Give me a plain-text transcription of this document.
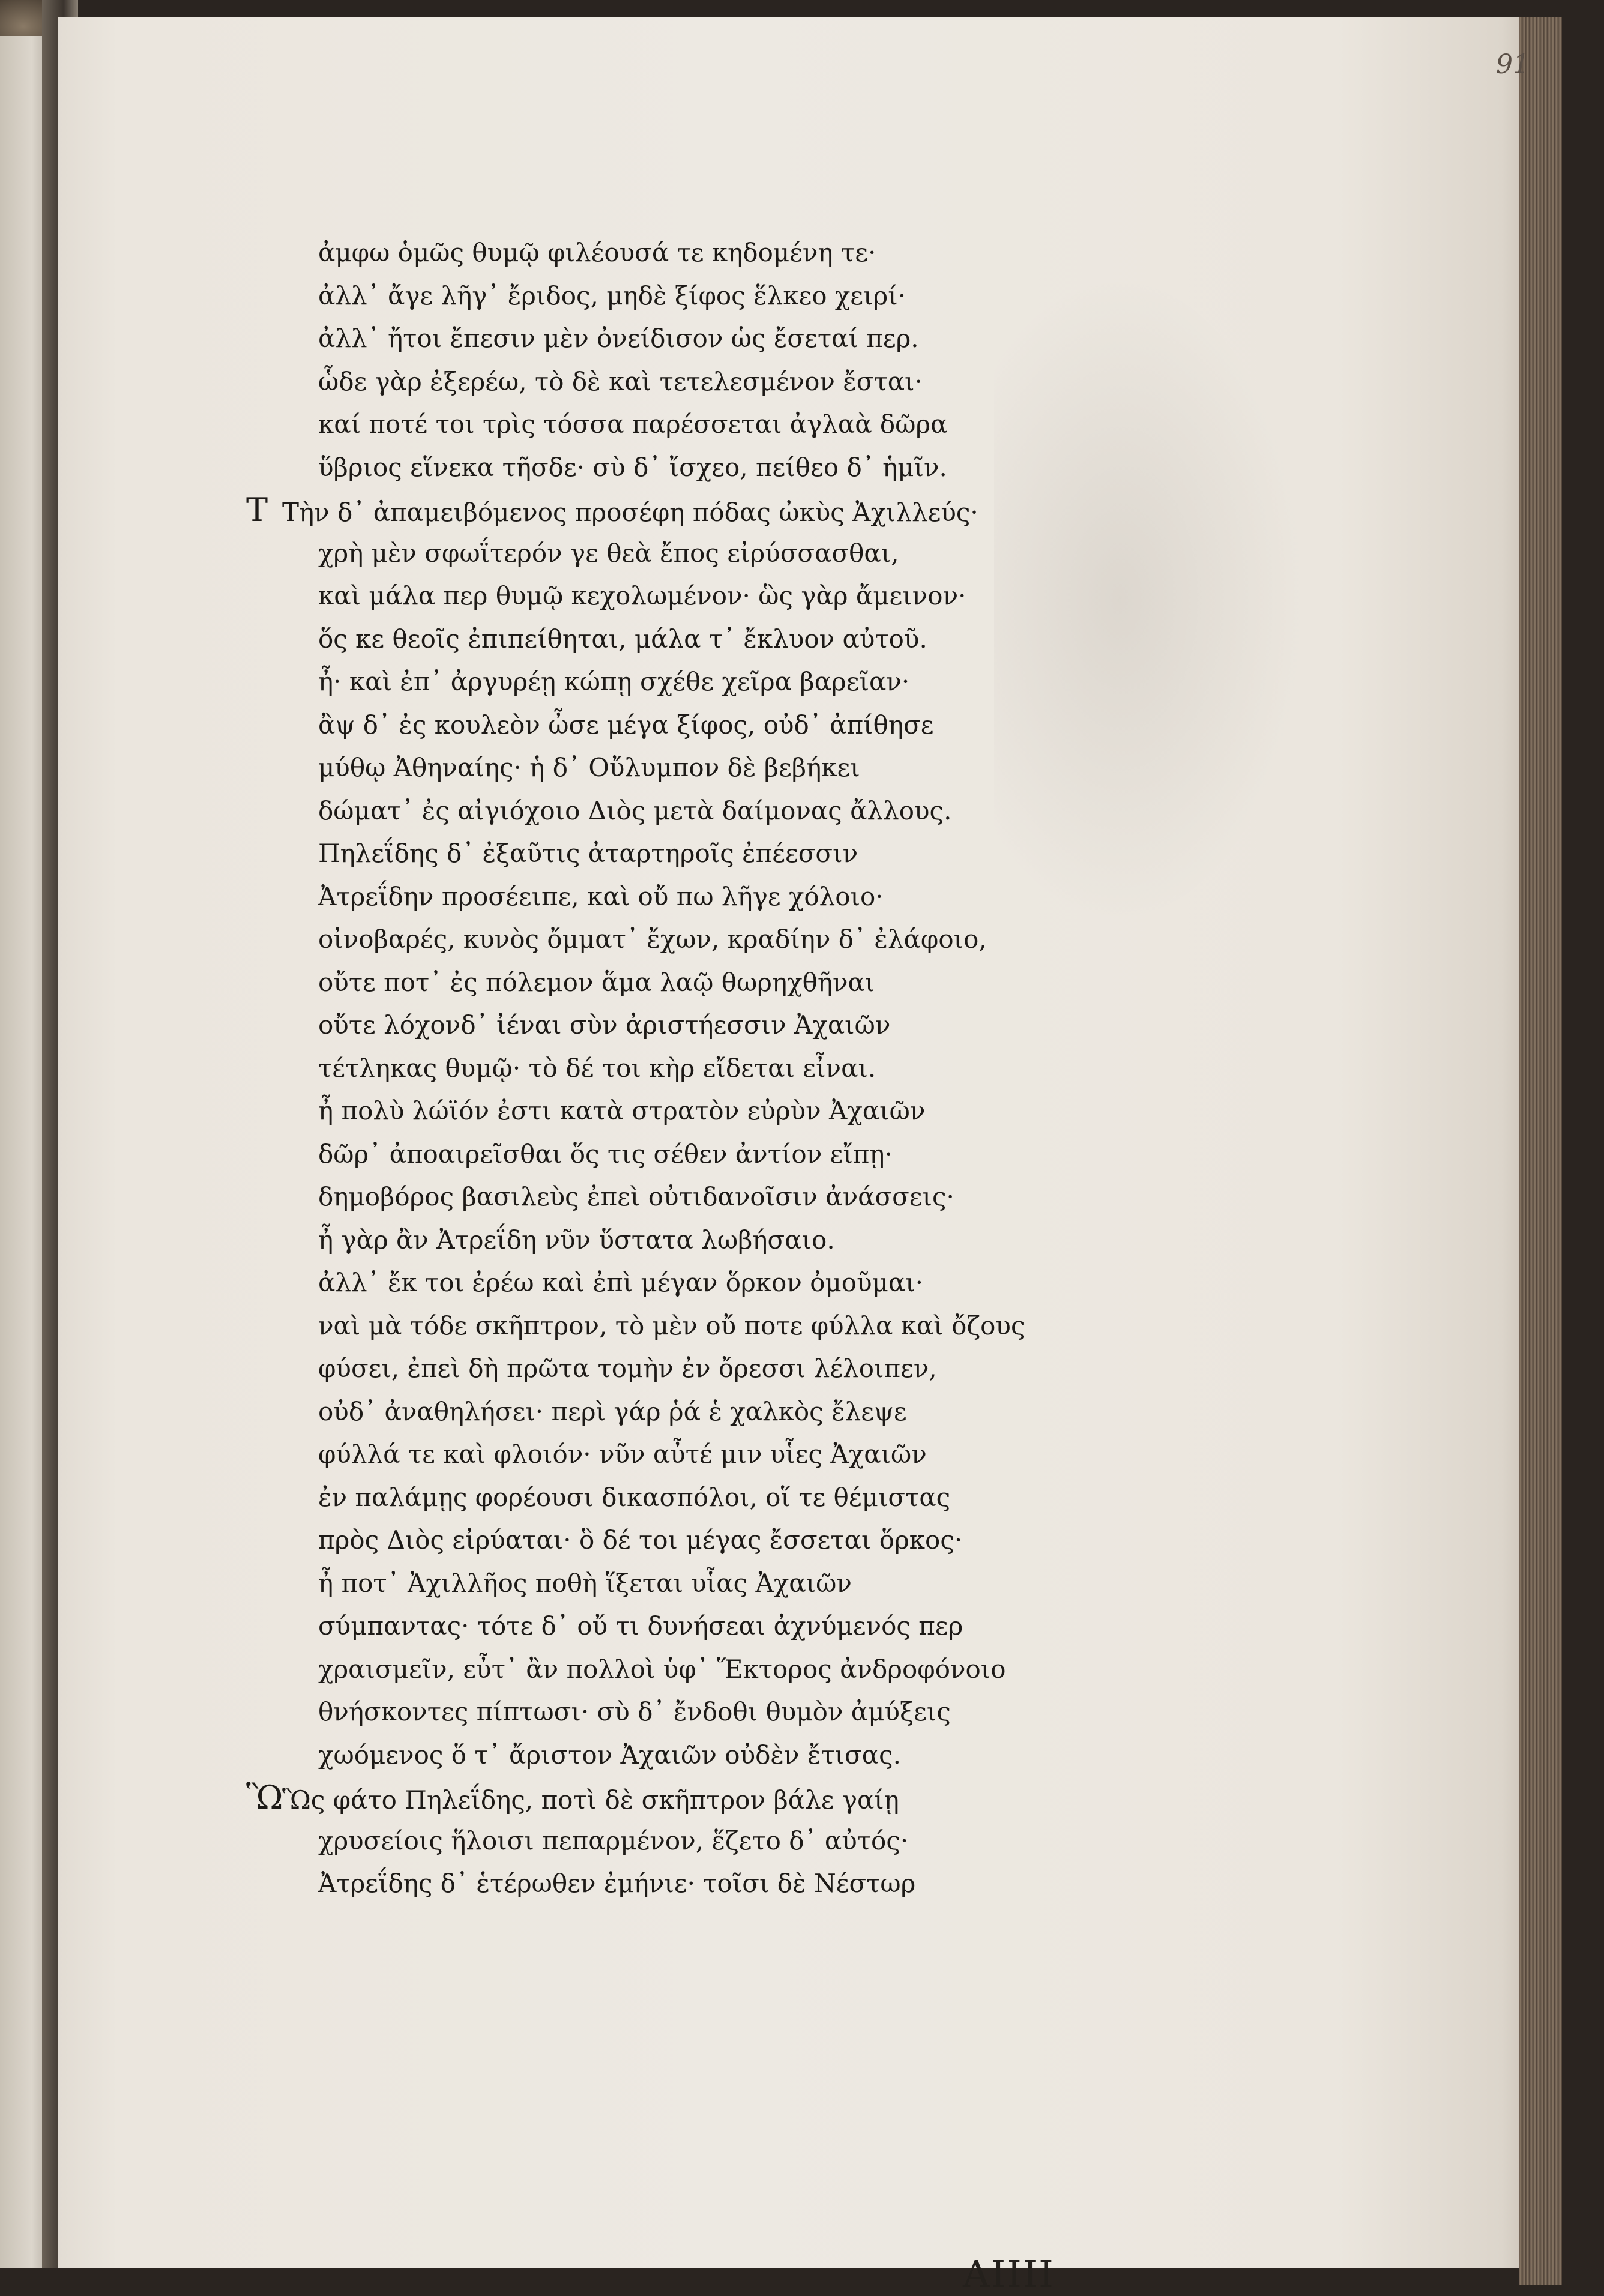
91
ἀμφω ὁμῶς θυμῷ φιλέουσά τε κηδομένη τε·
ἀλλ᾽ ἄγε λῆγ᾽ ἔριδος, μηδὲ ξίφος ἕλκεο χειρί·
ἀλλ᾽ ἤτοι ἔπεσιν μὲν ὀνείδισον ὡς ἔσεταί περ.
ὧδε γὰρ ἐξερέω, τὸ δὲ καὶ τετελεσμένον ἔσται·
καί ποτέ τοι τρὶς τόσσα παρέσσεται ἀγλαὰ δῶρα
ὕβριος εἵνεκα τῆσδε· σὺ δ᾽ ἴσχεο, πείθεο δ᾽ ἡμῖν.
Τ Τὴν δ᾽ ἀπαμειβόμενος προσέφη πόδας ὠκὺς Ἀχιλλεύς·
χρὴ μὲν σφωΐτερόν γε θεὰ ἔπος εἰρύσσασθαι,
καὶ μάλα περ θυμῷ κεχολωμένον· ὣς γὰρ ἄμεινον·
ὅς κε θεοῖς ἐπιπείθηται, μάλα τ᾽ ἔκλυον αὐτοῦ.
ἦ· καὶ ἐπ᾽ ἀργυρέῃ κώπῃ σχέθε χεῖρα βαρεῖαν·
ἂψ δ᾽ ἐς κουλεὸν ὦσε μέγα ξίφος, οὐδ᾽ ἀπίθησε
μύθῳ Ἀθηναίης· ἡ δ᾽ Οὔλυμπον δὲ βεβήκει
δώματ᾽ ἐς αἰγιόχοιο Διὸς μετὰ δαίμονας ἄλλους.
Πηλεΐδης δ᾽ ἐξαῦτις ἀταρτηροῖς ἐπέεσσιν
Ἀτρεΐδην προσέειπε, καὶ οὔ πω λῆγε χόλοιο·
οἰνοβαρές, κυνὸς ὄμματ᾽ ἔχων, κραδίην δ᾽ ἐλάφοιο,
οὔτε ποτ᾽ ἐς πόλεμον ἅμα λαῷ θωρηχθῆναι
οὔτε λόχονδ᾽ ἰέναι σὺν ἀριστήεσσιν Ἀχαιῶν
τέτληκας θυμῷ· τὸ δέ τοι κὴρ εἴδεται εἶναι.
ἦ πολὺ λώϊόν ἐστι κατὰ στρατὸν εὐρὺν Ἀχαιῶν
δῶρ᾽ ἀποαιρεῖσθαι ὅς τις σέθεν ἀντίον εἴπῃ·
δημοβόρος βασιλεὺς ἐπεὶ οὐτιδανοῖσιν ἀνάσσεις·
ἦ γὰρ ἂν Ἀτρεΐδη νῦν ὕστατα λωβήσαιο.
ἀλλ᾽ ἔκ τοι ἐρέω καὶ ἐπὶ μέγαν ὅρκον ὀμοῦμαι·
ναὶ μὰ τόδε σκῆπτρον, τὸ μὲν οὔ ποτε φύλλα καὶ ὄζους
φύσει, ἐπεὶ δὴ πρῶτα τομὴν ἐν ὄρεσσι λέλοιπεν,
οὐδ᾽ ἀναθηλήσει· περὶ γάρ ῥά ἑ χαλκὸς ἔλεψε
φύλλά τε καὶ φλοιόν· νῦν αὖτέ μιν υἷες Ἀχαιῶν
ἐν παλάμῃς φορέουσι δικασπόλοι, οἵ τε θέμιστας
πρὸς Διὸς εἰρύαται· ὃ δέ τοι μέγας ἔσσεται ὅρκος·
ἦ ποτ᾽ Ἀχιλλῆος ποθὴ ἵξεται υἷας Ἀχαιῶν
σύμπαντας· τότε δ᾽ οὔ τι δυνήσεαι ἀχνύμενός περ
χραισμεῖν, εὖτ᾽ ἂν πολλοὶ ὑφ᾽ Ἕκτορος ἀνδροφόνοιο
θνήσκοντες πίπτωσι· σὺ δ᾽ ἔνδοθι θυμὸν ἀμύξεις
χωόμενος ὅ τ᾽ ἄριστον Ἀχαιῶν οὐδὲν ἔτισας.
ὫὫς φάτο Πηλεΐδης, ποτὶ δὲ σκῆπτρον βάλε γαίῃ
χρυσείοις ἥλοισι πεπαρμένον, ἕζετο δ᾽ αὐτός·
Ἀτρεΐδης δ᾽ ἑτέρωθεν ἐμήνιε· τοῖσι δὲ Νέστωρ
AIIII
